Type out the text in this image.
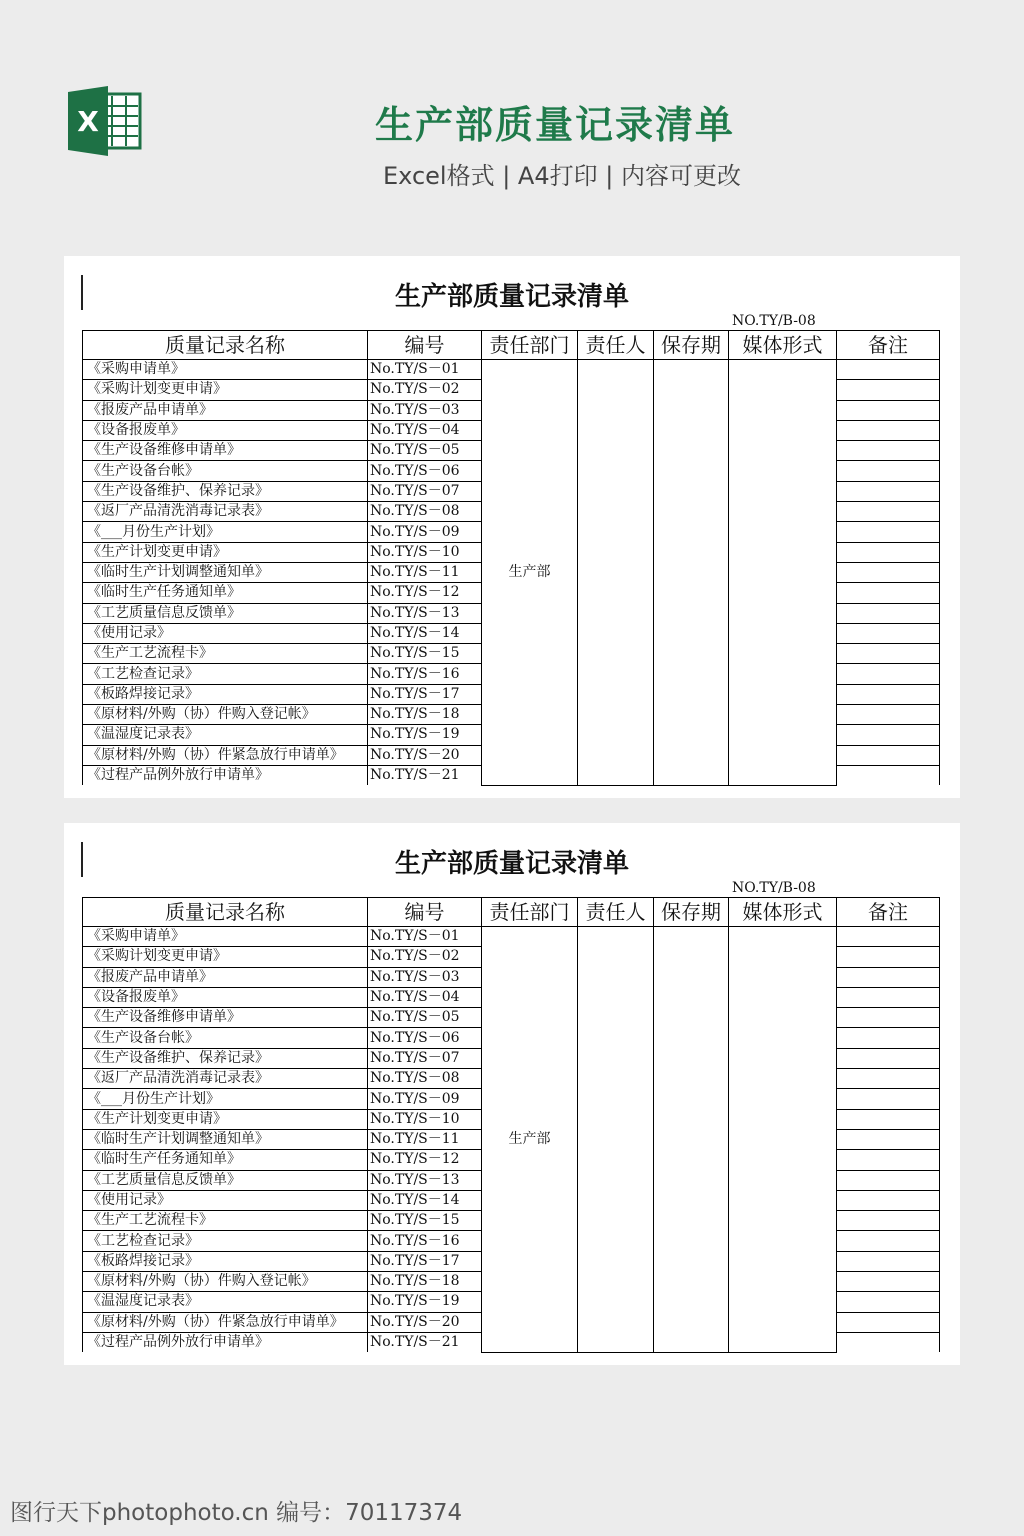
X	生产部质量记录清单
Excel格式 | A4打印 | 内容可更改
生产部质量记录清单
NO.TY/B-08
质量记录名称	编号	责任部门	责任人	保存期	媒体形式	备注
《采购申请单》	No.TY/S－01	生产部				
《采购计划变更申请》	No.TY/S－02					
《报废产品申请单》	No.TY/S－03					
《设备报废单》	No.TY/S－04					
《生产设备维修申请单》	No.TY/S－05					
《生产设备台帐》	No.TY/S－06					
《生产设备维护、保养记录》	No.TY/S－07					
《返厂产品清洗消毒记录表》	No.TY/S－08					
《___月份生产计划》	No.TY/S－09					
《生产计划变更申请》	No.TY/S－10					
《临时生产计划调整通知单》	No.TY/S－11					
《临时生产任务通知单》	No.TY/S－12					
《工艺质量信息反馈单》	No.TY/S－13					
《使用记录》	No.TY/S－14					
《生产工艺流程卡》	No.TY/S－15					
《工艺检查记录》	No.TY/S－16					
《板路焊接记录》	No.TY/S－17					
《原材料/外购（协）件购入登记帐》	No.TY/S－18					
《温湿度记录表》	No.TY/S－19					
《原材料/外购（协）件紧急放行申请单》	No.TY/S－20					
《过程产品例外放行申请单》	No.TY/S－21					
生产部质量记录清单
NO.TY/B-08
质量记录名称	编号	责任部门	责任人	保存期	媒体形式	备注
《采购申请单》	No.TY/S－01	生产部				
《采购计划变更申请》	No.TY/S－02					
《报废产品申请单》	No.TY/S－03					
《设备报废单》	No.TY/S－04					
《生产设备维修申请单》	No.TY/S－05					
《生产设备台帐》	No.TY/S－06					
《生产设备维护、保养记录》	No.TY/S－07					
《返厂产品清洗消毒记录表》	No.TY/S－08					
《___月份生产计划》	No.TY/S－09					
《生产计划变更申请》	No.TY/S－10					
《临时生产计划调整通知单》	No.TY/S－11					
《临时生产任务通知单》	No.TY/S－12					
《工艺质量信息反馈单》	No.TY/S－13					
《使用记录》	No.TY/S－14					
《生产工艺流程卡》	No.TY/S－15					
《工艺检查记录》	No.TY/S－16					
《板路焊接记录》	No.TY/S－17					
《原材料/外购（协）件购入登记帐》	No.TY/S－18					
《温湿度记录表》	No.TY/S－19					
《原材料/外购（协）件紧急放行申请单》	No.TY/S－20					
《过程产品例外放行申请单》	No.TY/S－21					
图行天下photophoto.cn 编号：70117374
